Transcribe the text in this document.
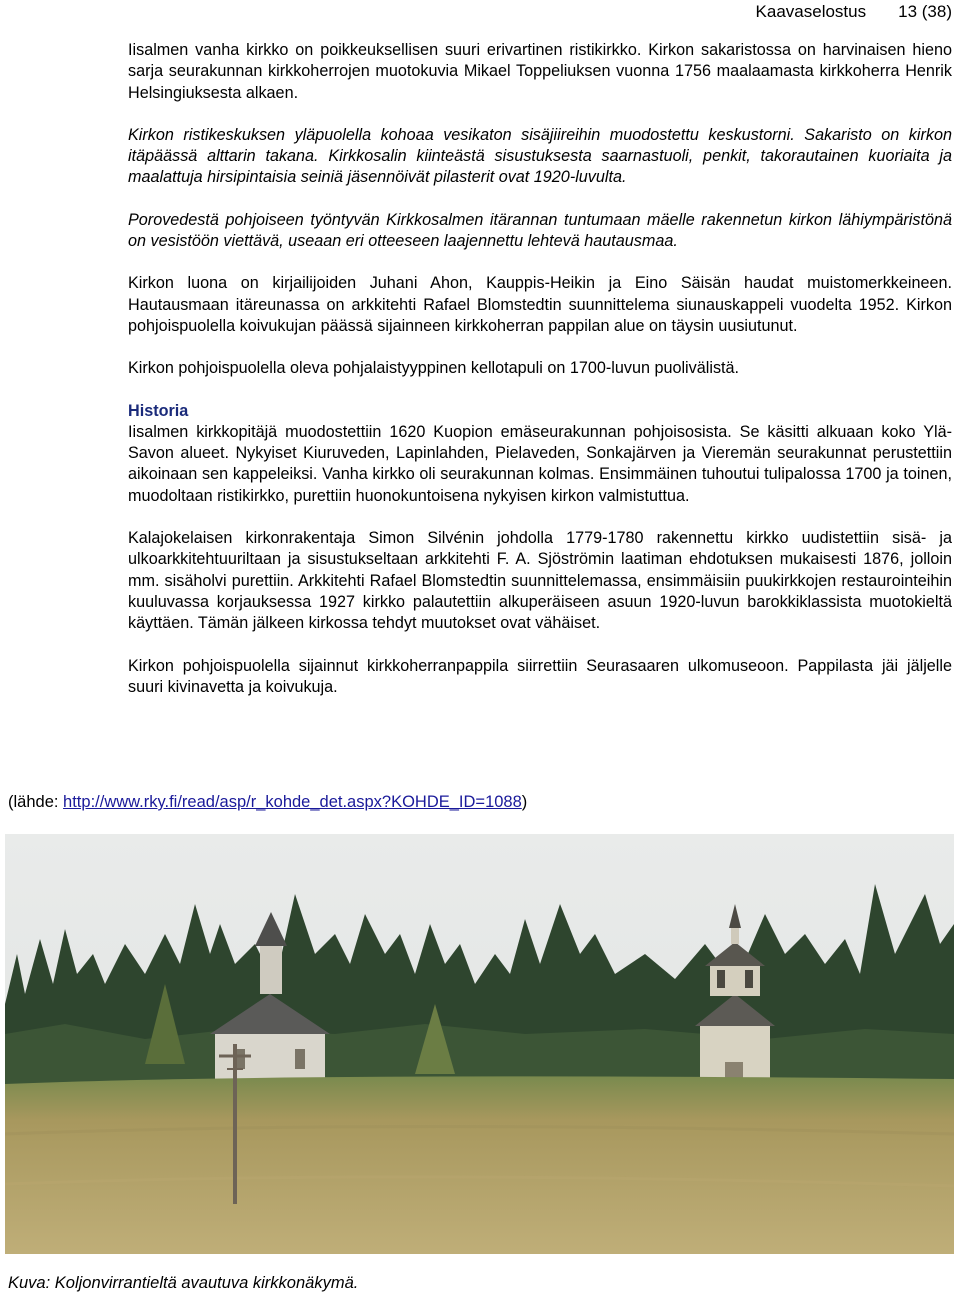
Kaavaselostus 13 (38)

Iisalmen vanha kirkko on poikkeuksellisen suuri erivartinen ristikirkko. Kirkon sakaristossa on harvinaisen hieno sarja seurakunnan kirkkoherrojen muotokuvia Mikael Toppeliuksen vuonna 1756 maalaamasta kirkkoherra Henrik Helsingiuksesta alkaen.

Kirkon ristikeskuksen yläpuolella kohoaa vesikaton sisäjiireihin muodostettu keskustorni. Sakaristo on kirkon itäpäässä alttarin takana. Kirkkosalin kiinteästä sisustuksesta saarnastuoli, penkit, takorautainen kuoriaita ja maalattuja hirsipintaisia seiniä jäsennöivät pilasterit ovat 1920-luvulta.

Porovedestä pohjoiseen työntyvän Kirkkosalmen itärannan tuntumaan mäelle rakennetun kirkon lähiympäristönä on vesistöön viettävä, useaan eri otteeseen laajennettu lehtevä hautausmaa.

Kirkon luona on kirjailijoiden Juhani Ahon, Kauppis-Heikin ja Eino Säisän haudat muistomerkkeineen. Hautausmaan itäreunassa on arkkitehti Rafael Blomstedtin suunnittelema siunauskappeli vuodelta 1952. Kirkon pohjoispuolella koivukujan päässä sijainneen kirkkoherran pappilan alue on täysin uusiutunut.

Kirkon pohjoispuolella oleva pohjalaistyyppinen kellotapuli on 1700-luvun puolivälistä.

Historia

Iisalmen kirkkopitäjä muodostettiin 1620 Kuopion emäseurakunnan pohjoisosista. Se käsitti alkuaan koko Ylä-Savon alueet. Nykyiset Kiuruveden, Lapinlahden, Pielaveden, Sonkajärven ja Vieremän seurakunnat perustettiin aikoinaan sen kappeleiksi. Vanha kirkko oli seurakunnan kolmas. Ensimmäinen tuhoutui tulipalossa 1700 ja toinen, muodoltaan ristikirkko, purettiin huonokuntoisena nykyisen kirkon valmistuttua.

Kalajokelaisen kirkonrakentaja Simon Silvénin johdolla 1779-1780 rakennettu kirkko uudistettiin sisä- ja ulkoarkkitehtuuriltaan ja sisustukseltaan arkkitehti F. A. Sjöströmin laatiman ehdotuksen mukaisesti 1876, jolloin mm. sisäholvi purettiin. Arkkitehti Rafael Blomstedtin suunnittelemassa, ensimmäisiin puukirkkojen restaurointeihin kuuluvassa korjauksessa 1927 kirkko palautettiin alkuperäiseen asuun 1920-luvun barokkiklassista muotokieltä käyttäen. Tämän jälkeen kirkossa tehdyt muutokset ovat vähäiset.

Kirkon pohjoispuolella sijainnut kirkkoherranpappila siirrettiin Seurasaaren ulkomuseoon. Pappilasta jäi jäljelle suuri kivinavetta ja koivukuja.

(lähde: http://www.rky.fi/read/asp/r_kohde_det.aspx?KOHDE_ID=1088)
Kuva: Koljonvirrantieltä avautuva kirkkonäkymä.
